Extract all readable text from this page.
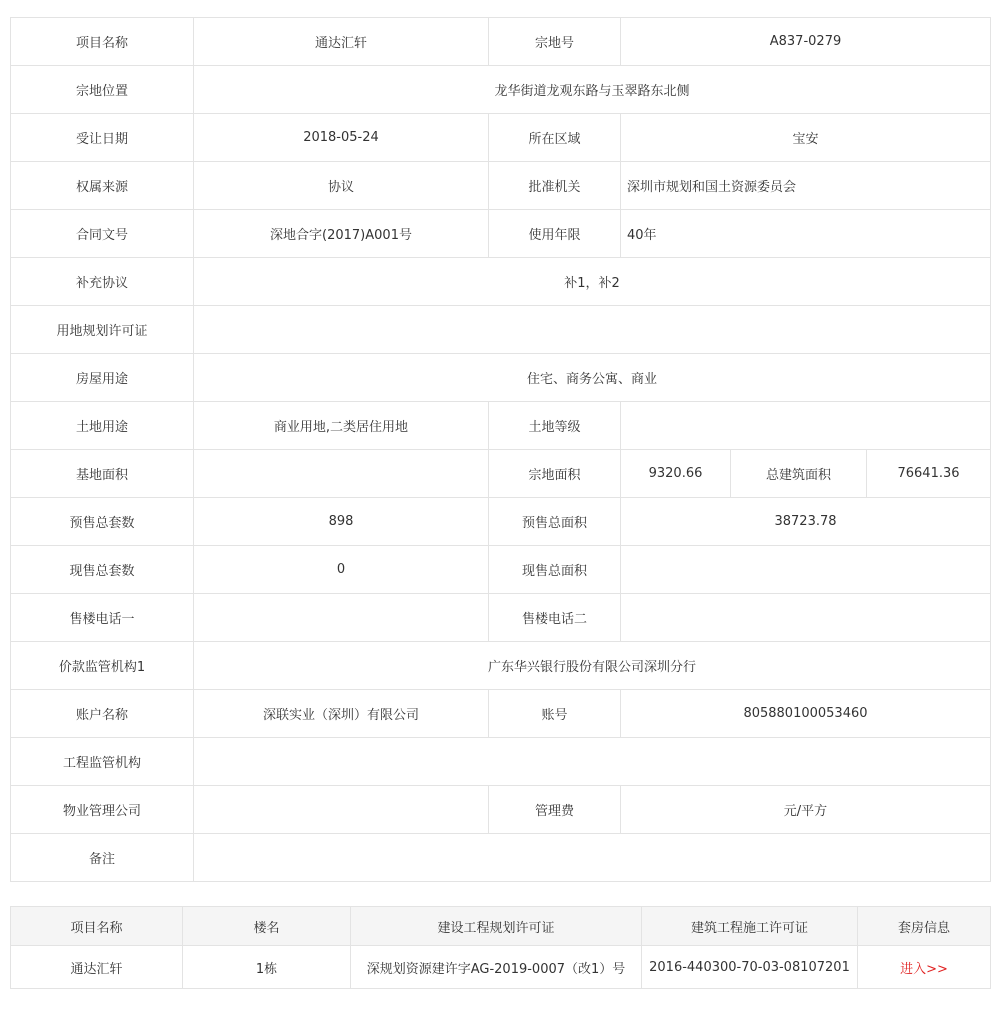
项目名称	通达汇轩	宗地号	A837-0279		
宗地位置	龙华街道龙观东路与玉翠路东北侧				
受让日期	2018-05-24	所在区域	宝安		
权属来源	协议	批准机关	深圳市规划和国土资源委员会		
合同文号	深地合字(2017)A001号	使用年限	40年		
补充协议	补1，补2				
用地规划许可证					
房屋用途	住宅、商务公寓、商业				
土地用途	商业用地,二类居住用地	土地等级			
基地面积		宗地面积	9320.66	总建筑面积	76641.36
预售总套数	898	预售总面积	38723.78		
现售总套数	0	现售总面积			
售楼电话一		售楼电话二			
价款监管机构1	广东华兴银行股份有限公司深圳分行				
账户名称	深联实业（深圳）有限公司	账号	805880100053460		
工程监管机构					
物业管理公司		管理费	元/平方		
备注					
项目名称	楼名	建设工程规划许可证	建筑工程施工许可证	套房信息
通达汇轩	1栋	深规划资源建许字AG-2019-0007（改1）号	2016-440300-70-03-08107201	进入>>
